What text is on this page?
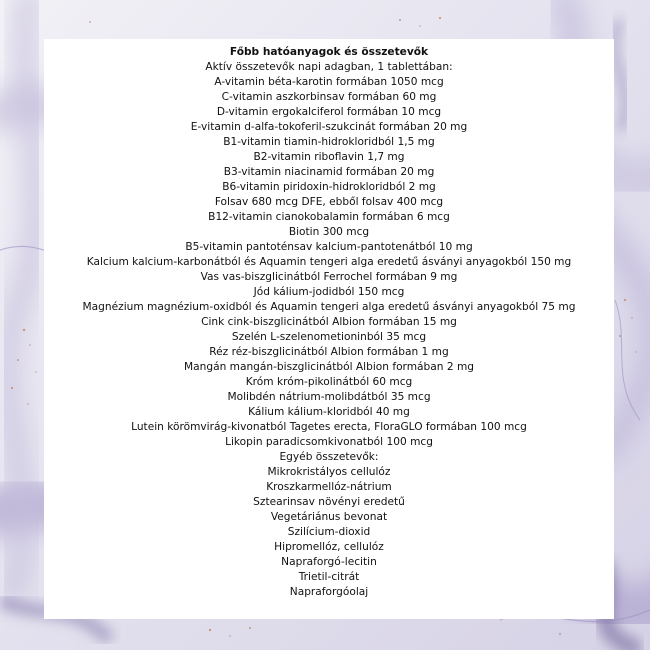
Főbb hatóanyagok és összetevők
Aktív összetevők napi adagban, 1 tablettában:
A-vitamin béta-karotin formában 1050 mcg
C-vitamin aszkorbinsav formában 60 mg
D-vitamin ergokalciferol formában 10 mcg
E-vitamin d-alfa-tokoferil-szukcinát formában 20 mg
B1-vitamin tiamin-hidrokloridból 1,5 mg
B2-vitamin riboflavin 1,7 mg
B3-vitamin niacinamid formában 20 mg
B6-vitamin piridoxin-hidrokloridból 2 mg
Folsav 680 mcg DFE, ebből folsav 400 mcg
B12-vitamin cianokobalamin formában 6 mcg
Biotin 300 mcg
B5-vitamin pantoténsav kalcium-pantotenátból 10 mg
Kalcium kalcium-karbonátból és Aquamin tengeri alga eredetű ásványi anyagokból 150 mg
Vas vas-biszglicinátból Ferrochel formában 9 mg
Jód kálium-jodidból 150 mcg
Magnézium magnézium-oxidból és Aquamin tengeri alga eredetű ásványi anyagokból 75 mg
Cink cink-biszglicinátból Albion formában 15 mg
Szelén L-szelenometioninból 35 mcg
Réz réz-biszglicinátból Albion formában 1 mg
Mangán mangán-biszglicinátból Albion formában 2 mg
Króm króm-pikolinátból 60 mcg
Molibdén nátrium-molibdátból 35 mcg
Kálium kálium-kloridból 40 mg
Lutein körömvirág-kivonatból Tagetes erecta, FloraGLO formában 100 mcg
Likopin paradicsomkivonatból 100 mcg
Egyéb összetevők:
Mikrokristályos cellulóz
Kroszkarmellóz-nátrium
Sztearinsav növényi eredetű
Vegetáriánus bevonat
Szilícium-dioxid
Hipromellóz, cellulóz
Napraforgó-lecitin
Trietil-citrát
Napraforgóolaj
